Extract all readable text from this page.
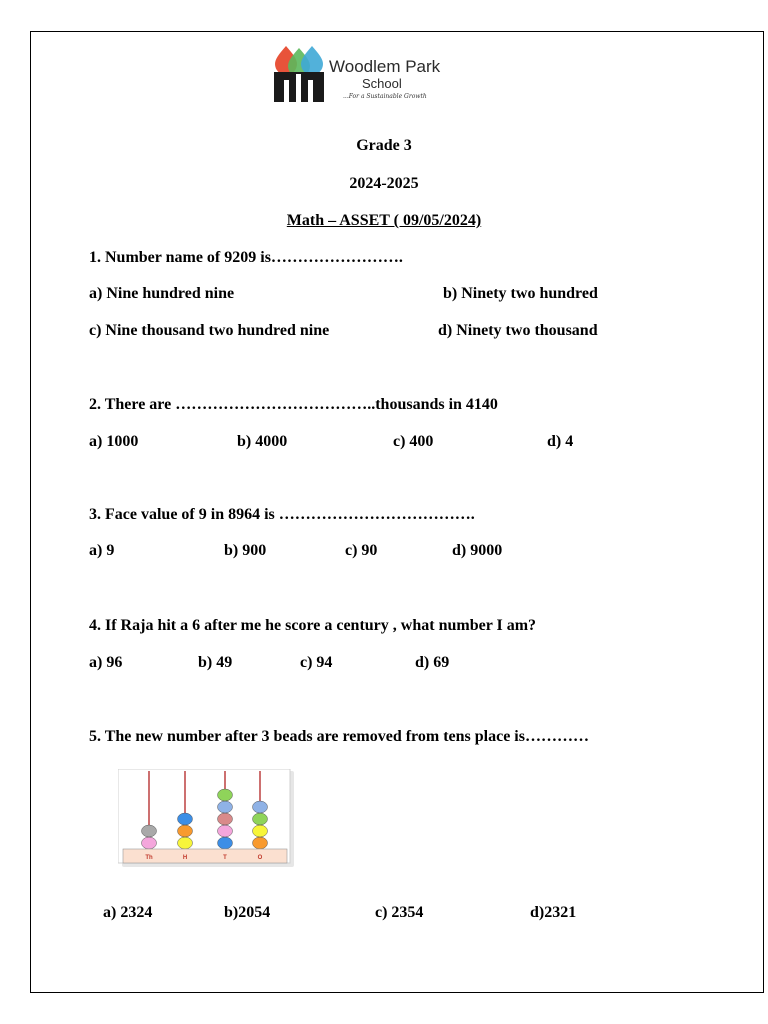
Woodlem Park
School
...For a Sustainable Growth
Grade 3
2024-2025
Math – ASSET ( 09/05/2024)
1. Number name of 9209 is…………………….
a) Nine hundred nine	b) Ninety two hundred
c) Nine thousand two hundred nine	d) Ninety two thousand
2. There are ………………………………..thousands in 4140
a) 1000	b) 4000	c) 400	d) 4
3. Face value of 9 in 8964 is ……………………………….
a) 9	b) 900	c) 90	d) 9000
4. If Raja hit a 6 after me he score a century , what number I am?
a) 96	b) 49	c) 94	d) 69
5. The new number after 3 beads are removed from tens place is…………
Th	H	T	O
a) 2324	b)2054	c) 2354	d)2321
